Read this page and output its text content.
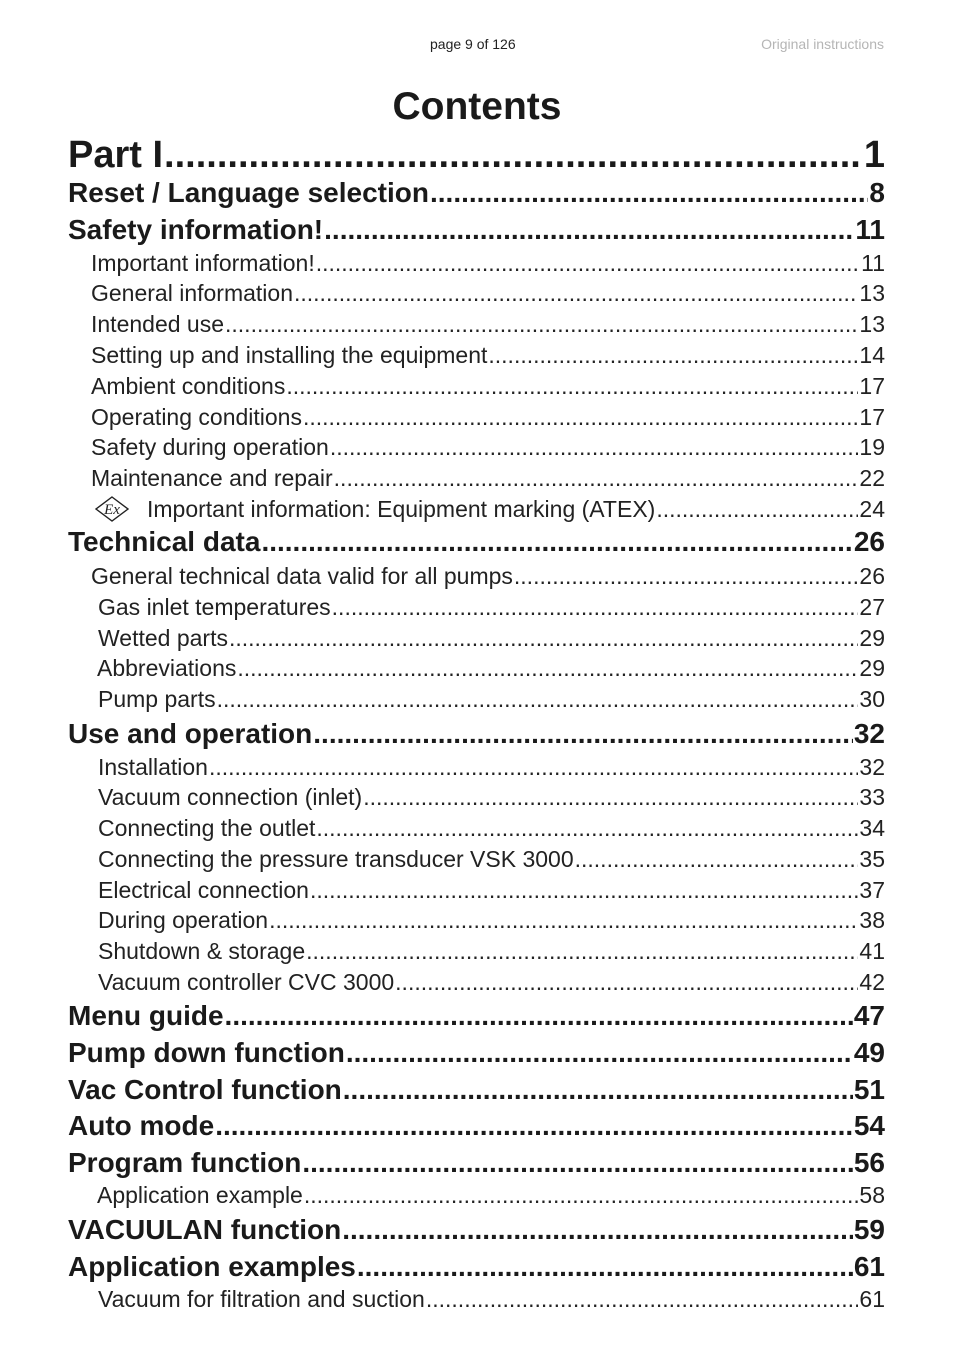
page 9 of 126	Original instructions
Contents
Part I .....	1
Reset / Language selection .....	8
Safety information! .....	11
Important information! .....	11
General information .....	13
Intended use .....	13
Setting up and installing the equipment .....	14
Ambient conditions .....	17
Operating conditions .....	17
Safety during operation .....	19
Maintenance and repair .....	22
Ex Important information: Equipment marking (ATEX) .....	24
Technical data .....	26
General technical data valid for all pumps .....	26
Gas inlet temperatures .....	27
Wetted parts .....	29
Abbreviations .....	29
Pump parts .....	30
Use and operation .....	32
Installation .....	32
Vacuum connection (inlet) .....	33
Connecting the outlet .....	34
Connecting the pressure transducer VSK 3000 .....	35
Electrical connection .....	37
During operation .....	38
Shutdown & storage .....	41
Vacuum controller CVC 3000 .....	42
Menu guide .....	47
Pump down function .....	49
Vac Control function .....	51
Auto mode .....	54
Program function .....	56
Application example .....	58
VACUULAN function .....	59
Application examples .....	61
Vacuum for filtration and suction .....	61
